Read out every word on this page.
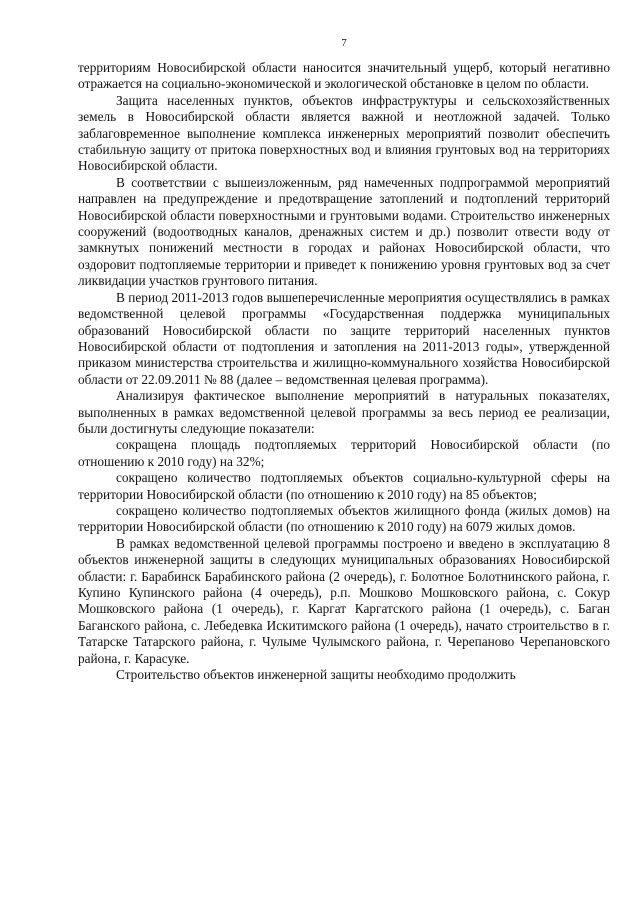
7

территориям Новосибирской области наносится значительный ущерб, который негативно отражается на социально-экономической и экологической обстановке в целом по области.

Защита населенных пунктов, объектов инфраструктуры и сельскохозяйственных земель в Новосибирской области является важной и неотложной задачей. Только заблаговременное выполнение комплекса инженерных мероприятий позволит обеспечить стабильную защиту от притока поверхностных вод и влияния грунтовых вод на территориях Новосибирской области.

В соответствии с вышеизложенным, ряд намеченных подпрограммой мероприятий направлен на предупреждение и предотвращение затоплений и подтоплений территорий Новосибирской области поверхностными и грунтовыми водами. Строительство инженерных сооружений (водоотводных каналов, дренажных систем и др.) позволит отвести воду от замкнутых понижений местности в городах и районах Новосибирской области, что оздоровит подтопляемые территории и приведет к понижению уровня грунтовых вод за счет ликвидации участков грунтового питания.

В период 2011-2013 годов вышеперечисленные мероприятия осуществлялись в рамках ведомственной целевой программы «Государственная поддержка муниципальных образований Новосибирской области по защите территорий населенных пунктов Новосибирской области от подтопления и затопления на 2011-2013 годы», утвержденной приказом министерства строительства и жилищно-коммунального хозяйства Новосибирской области от 22.09.2011 № 88 (далее – ведомственная целевая программа).

Анализируя фактическое выполнение мероприятий в натуральных показателях, выполненных в рамках ведомственной целевой программы за весь период ее реализации, были достигнуты следующие показатели:

сокращена площадь подтопляемых территорий Новосибирской области (по отношению к 2010 году) на 32%;

сокращено количество подтопляемых объектов социально-культурной сферы на территории Новосибирской области (по отношению к 2010 году) на 85 объектов;

сокращено количество подтопляемых объектов жилищного фонда (жилых домов) на территории Новосибирской области (по отношению к 2010 году) на 6079 жилых домов.

В рамках ведомственной целевой программы построено и введено в эксплуатацию 8 объектов инженерной защиты в следующих муниципальных образованиях Новосибирской области: г. Барабинск Барабинского района (2 очередь), г. Болотное Болотнинского района, г. Купино Купинского района (4 очередь), р.п. Мошково Мошковского района, с. Сокур Мошковского района (1 очередь), г. Каргат Каргатского района (1 очередь), с. Баган Баганского района, с. Лебедевка Искитимского района (1 очередь), начато строительство в г. Татарске Татарского района, г. Чулыме Чулымского района, г. Черепаново Черепановского района, г. Карасуке.

Строительство объектов инженерной защиты необходимо продолжить
